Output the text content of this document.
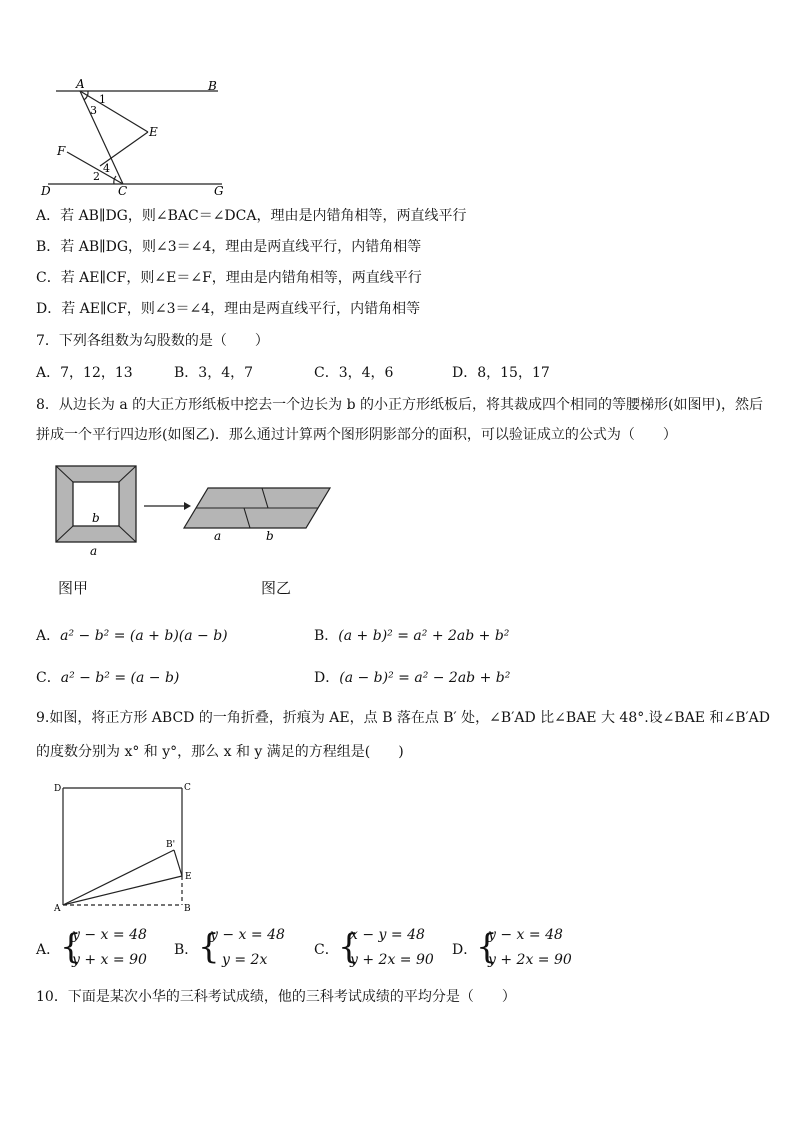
A	B
E
F
D	C	G
1
3
4
2
A．若 AB∥DG，则∠BAC＝∠DCA，理由是内错角相等，两直线平行
B．若 AB∥DG，则∠3＝∠4，理由是两直线平行，内错角相等
C．若 AE∥CF，则∠E＝∠F，理由是内错角相等，两直线平行
D．若 AE∥CF，则∠3＝∠4，理由是两直线平行，内错角相等
7．下列各组数为勾股数的是（　　）
A．7，12，13	B．3，4，7	C．3，4，6	D．8，15，17
8．从边长为 a 的大正方形纸板中挖去一个边长为 b 的小正方形纸板后，将其裁成四个相同的等腰梯形(如图甲)，然后
拼成一个平行四边形(如图乙)．那么通过计算两个图形阴影部分的面积，可以验证成立的公式为（　　）
b
a
a	b
图甲	图乙
A．a² − b² = (a + b)(a − b)	B．(a + b)² = a² + 2ab + b²
C．a² − b² = (a − b)	D．(a − b)² = a² − 2ab + b²
9.如图，将正方形 ABCD 的一角折叠，折痕为 AE，点 B 落在点 B′ 处，∠B′AD 比∠BAE 大 48°.设∠BAE 和∠B′AD
的度数分别为 x° 和 y°，那么 x 和 y 满足的方程组是(　　)
D	C
A	B
E
B'
A． {
y − x = 48
y + x = 90
B． {
y − x = 48
y = 2x
C． {
x − y = 48
y + 2x = 90
D．
{
y − x = 48
y + 2x = 90
10．下面是某次小华的三科考试成绩，他的三科考试成绩的平均分是（　　）
